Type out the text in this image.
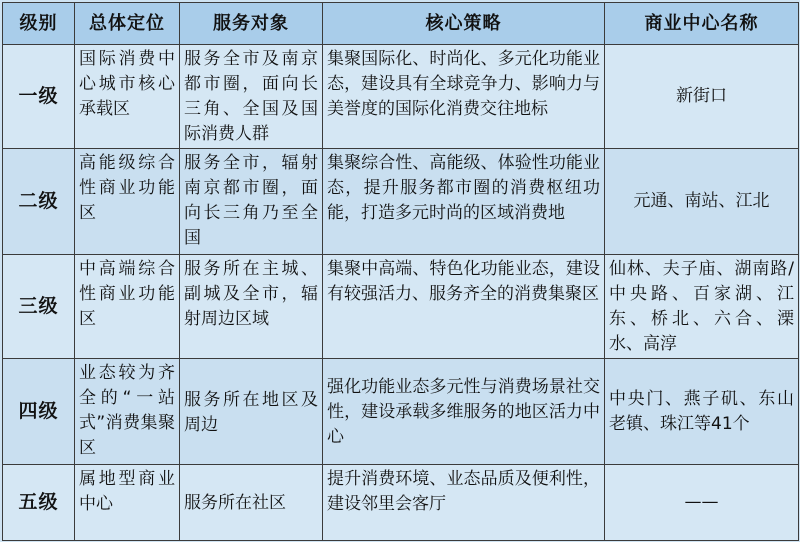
级别	总体定位	服务对象	核心策略	商业中心名称
一级	国际消费中心城市核心承载区	服务全市及南京都市圈，面向长三角、全国及国际消费人群	集聚国际化、时尚化、多元化功能业态，建设具有全球竞争力、影响力与美誉度的国际化消费交往地标	新街口
二级	高能级综合性商业功能区	服务全市，辐射南京都市圈，面向长三角乃至全国	集聚综合性、高能级、体验性功能业态，提升服务都市圈的消费枢纽功能，打造多元时尚的区域消费地	元通、南站、江北
三级	中高端综合性商业功能区	服务所在主城、副城及全市，辐射周边区域	集聚中高端、特色化功能业态，建设有较强活力、服务齐全的消费集聚区	仙林、夫子庙、湖南路/中央路、百家湖、江东、桥北、六合、溧水、高淳
四级	业态较为齐全的“一站式”消费集聚区	服务所在地区及周边	强化功能业态多元性与消费场景社交性，建设承载多维服务的地区活力中心	中央门、燕子矶、东山老镇、珠江等41个
五级	属地型商业中心	服务所在社区	提升消费环境、业态品质及便利性，建设邻里会客厅	——
